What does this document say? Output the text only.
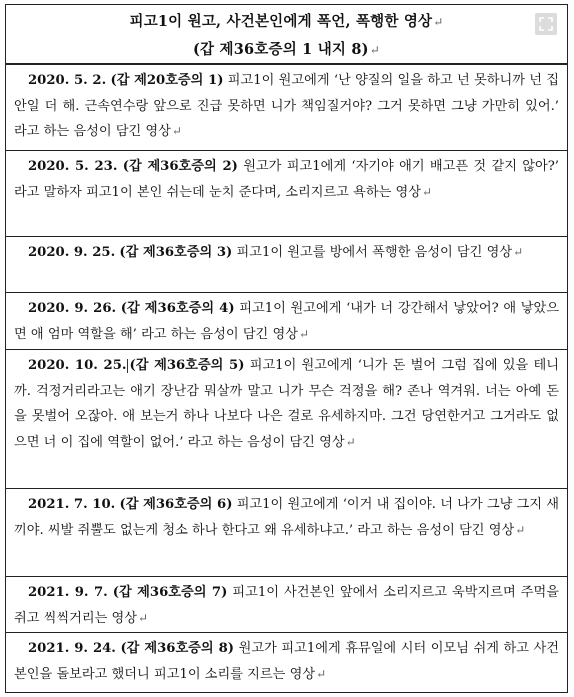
피고1이 원고, 사건본인에게 폭언, 폭행한 영상↵
(갑 제36호증의 1 내지 8)↵
2020. 5. 2. (갑 제20호증의 1) 피고1이 원고에게 ‘난 양질의 일을 하고 넌 못하니까 넌 집안일 더 해. 근속연수랑 앞으로 진급 못하면 니가 책임질거야? 그거 못하면 그냥 가만히 있어.’ 라고 하는 음성이 담긴 영상↵
2020. 5. 23. (갑 제36호증의 2) 원고가 피고1에게 ‘자기야 애기 배고픈 것 같지 않아?’ 라고 말하자 피고1이 본인 쉬는데 눈치 준다며, 소리지르고 욕하는 영상↵
2020. 9. 25. (갑 제36호증의 3) 피고1이 원고를 방에서 폭행한 음성이 담긴 영상↵
2020. 9. 26. (갑 제36호증의 4) 피고1이 원고에게 ‘내가 너 강간해서 낳았어? 애 낳았으면 애 엄마 역할을 해’ 라고 하는 음성이 담긴 영상↵
2020. 10. 25. (갑 제36호증의 5) 피고1이 원고에게 ‘니가 돈 벌어 그럼 집에 있을 테니까. 걱정거리라고는 애기 장난감 뭐살까 말고 니가 무슨 걱정을 해? 존나 역겨워. 너는 아예 돈을 못벌어 오잖아. 애 보는거 하나 나보다 나은 걸로 유세하지마. 그건 당연한거고 그거라도 없으면 너 이 집에 역할이 없어.’ 라고 하는 음성이 담긴 영상↵
2021. 7. 10. (갑 제36호증의 6) 피고1이 원고에게 ‘이거 내 집이야. 너 나가 그냥 그지 새끼야. 씨발 쥐뿔도 없는게 청소 하나 한다고 왜 유세하냐고.’ 라고 하는 음성이 담긴 영상↵
2021. 9. 7. (갑 제36호증의 7) 피고1이 사건본인 앞에서 소리지르고 욱박지르며 주먹을 쥐고 씩씩거리는 영상↵
2021. 9. 24. (갑 제36호증의 8) 원고가 피고1에게 휴뮤일에 시터 이모님 쉬게 하고 사건본인을 돌보라고 했더니 피고1이 소리를 지르는 영상↵
